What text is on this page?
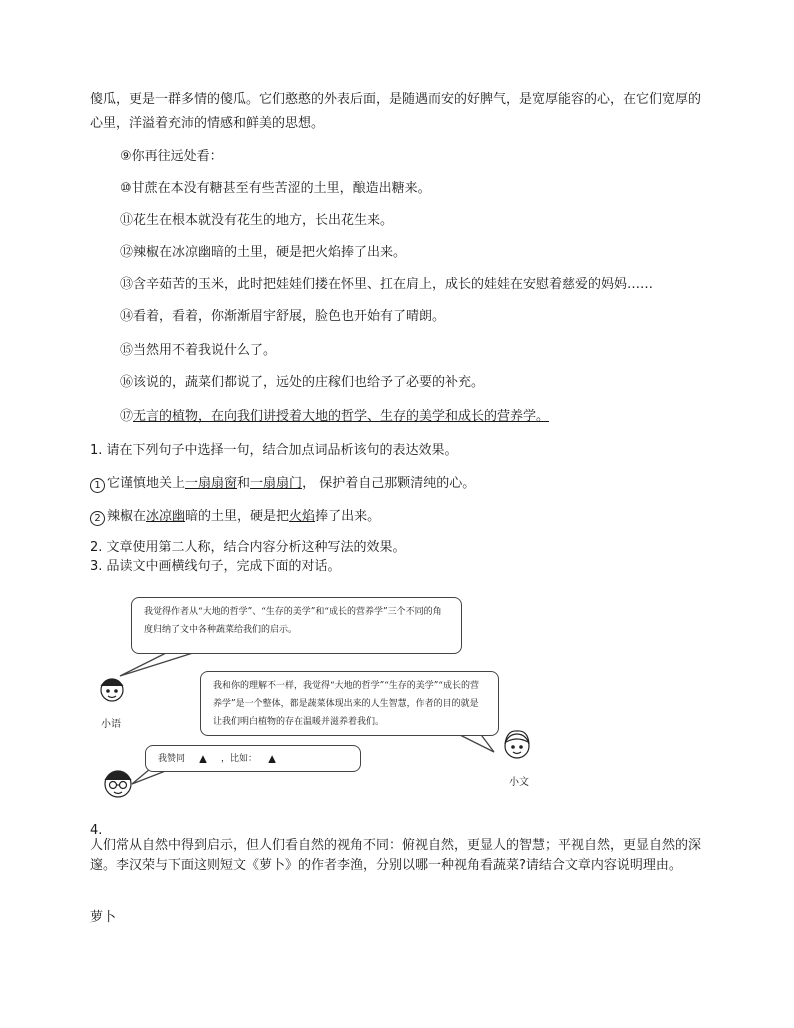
傻瓜，更是一群多情的傻瓜。它们憨憨的外表后面，是随遇而安的好脾气，是宽厚能容的心，在它们宽厚的心里，洋溢着充沛的情感和鲜美的思想。
⑨你再往远处看：
⑩甘蔗在本没有糖甚至有些苦涩的土里，酿造出糖来。
⑪花生在根本就没有花生的地方，长出花生来。
⑫辣椒在冰凉幽暗的土里，硬是把火焰捧了出来。
⑬含辛茹苦的玉米，此时把娃娃们搂在怀里、扛在肩上，成长的娃娃在安慰着慈爱的妈妈……
⑭看着，看着，你渐渐眉宇舒展，脸色也开始有了晴朗。
⑮当然用不着我说什么了。
⑯该说的，蔬菜们都说了，远处的庄稼们也给予了必要的补充。
⑰无言的植物，在向我们讲授着大地的哲学、生存的美学和成长的营养学。
1. 请在下列句子中选择一句，结合加点词品析该句的表达效果。
1 它谨慎地关上一扇扇窗和一扇扇门， 保护着自己那颗清纯的心。
2 辣椒在冰凉幽暗的土里，硬是把火焰捧了出来。
2. 文章使用第二人称，结合内容分析这种写法的效果。
3. 品读文中画横线句子，完成下面的对话。
我觉得作者从“大地的哲学”、“生存的美学”和“成长的营养学”三个不同的角度归纳了文中各种蔬菜给我们的启示。
我和你的理解不一样，我觉得“大地的哲学”“生存的美学”“成长的营养学”是一个整体，都是蔬菜体现出来的人生智慧，作者的目的就是让我们明白植物的存在温暖并滋养着我们。
我赞同 ▲ ，比如： ▲
小语
小文
4.
人们常从自然中得到启示，但人们看自然的视角不同：俯视自然，更显人的智慧；平视自然，更显自然的深邃。李汉荣与下面这则短文《萝卜》的作者李渔，分别以哪一种视角看蔬菜?请结合文章内容说明理由。
萝卜
